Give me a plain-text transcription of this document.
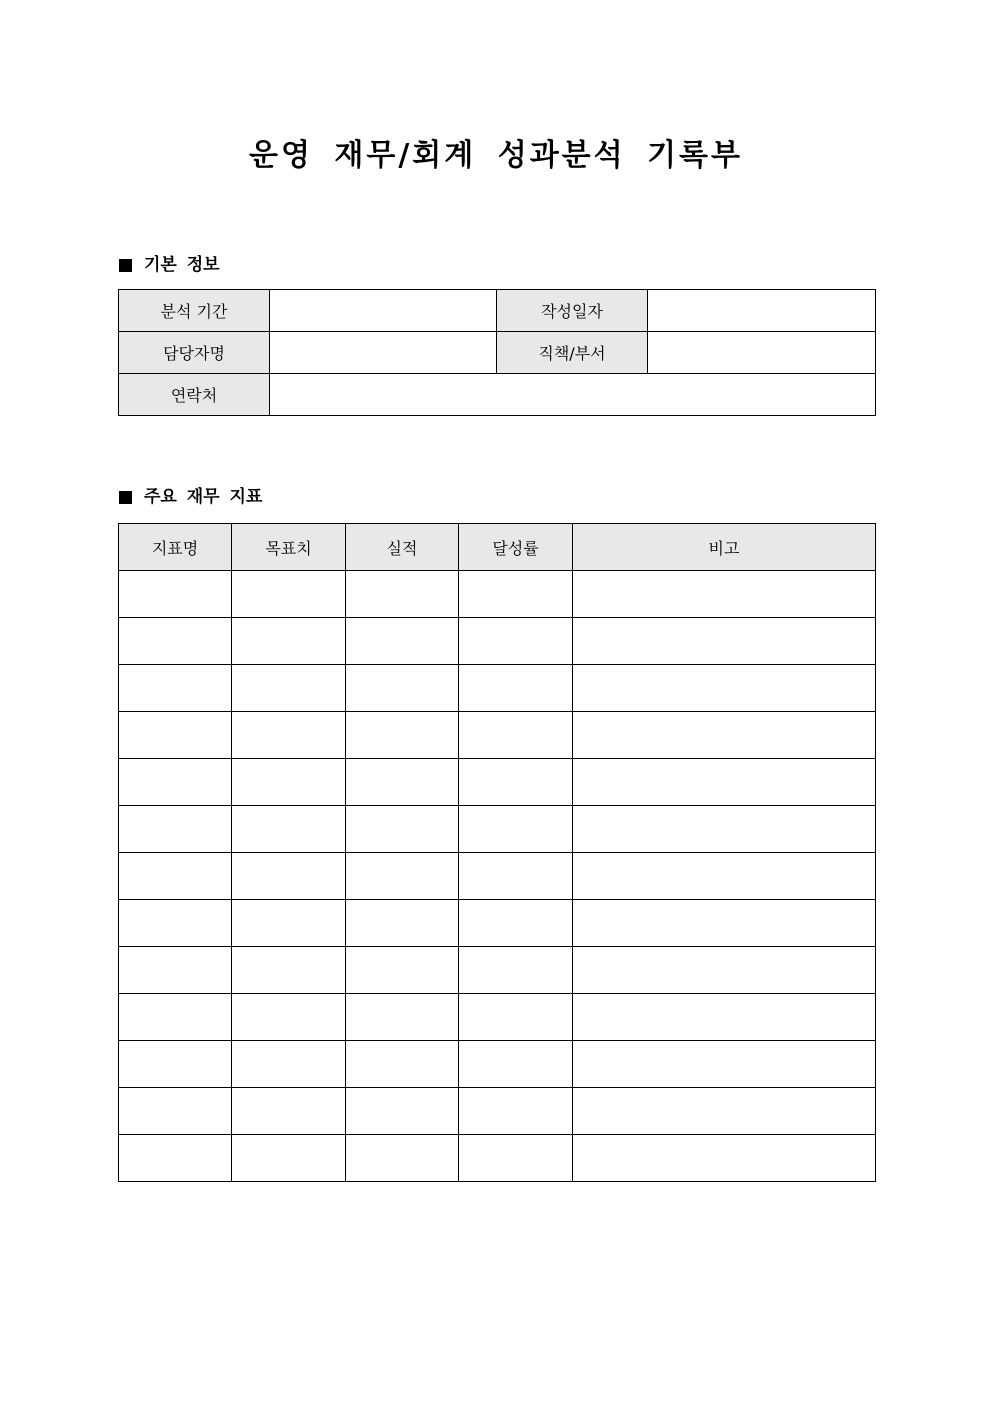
운영 재무/회계 성과분석 기록부
기본 정보
분석 기간		작성일자	
담당자명		직책/부서	
연락처			
주요 재무 지표
지표명	목표치	실적	달성률	비고
